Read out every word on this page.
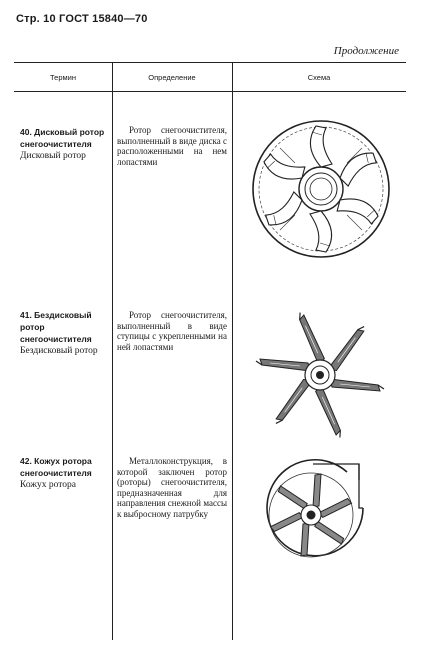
Стр. 10 ГОСТ 15840—70
Продолжение
Термин	Определение	Схема
40. Дисковый ротор снегоочистителя
Дисковый ротор
Ротор снегоочистителя, выполненный в виде диска с расположенными на нем лопастями
41. Бездисковый ротор снегоочистителя
Бездисковый ротор
Ротор снегоочистителя, выполненный в виде ступицы с укрепленными на ней лопастями
42. Кожух ротора снегоочистителя
Кожух ротора
Металлоконструкция, в которой заключен ротор (роторы) снегоочистителя, предназначенная для направления снежной массы к выбросному патрубку
